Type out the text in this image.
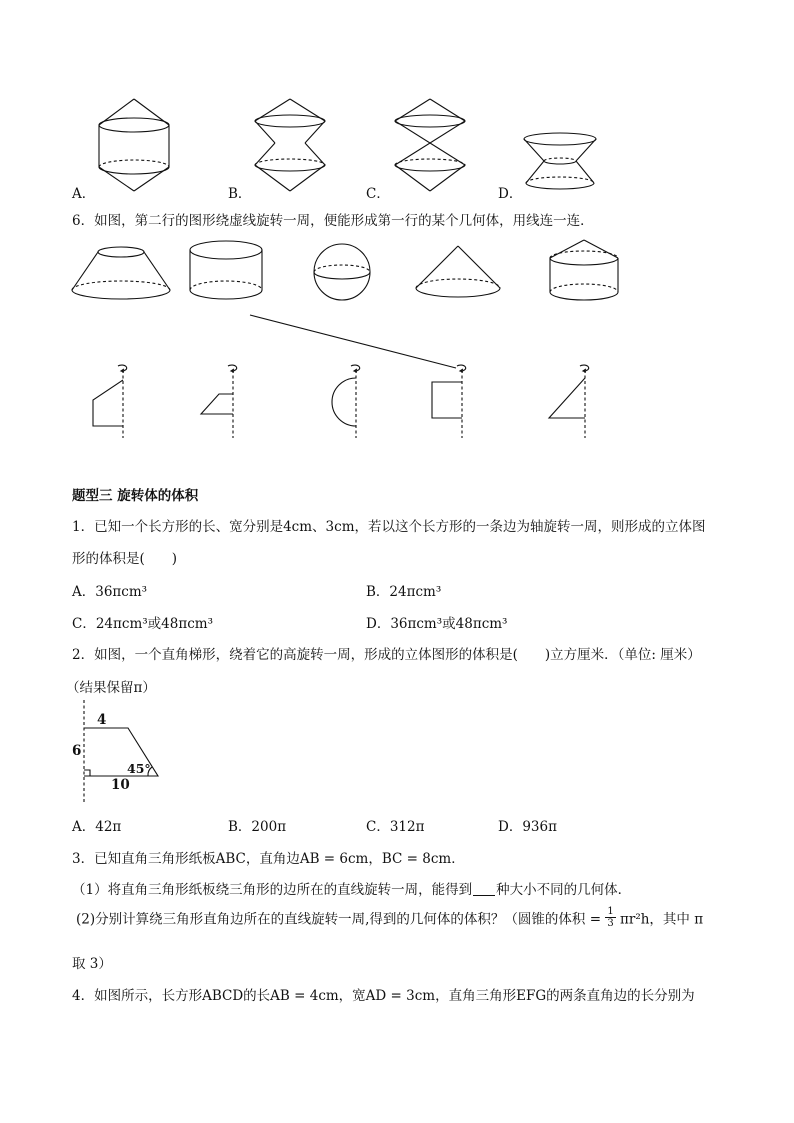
A．	B．	C．	D．
6．如图，第二行的图形绕虚线旋转一周，便能形成第一行的某个几何体，用线连一连．
题型三 旋转体的体积
1．已知一个长方形的长、宽分别是4cm、3cm，若以这个长方形的一条边为轴旋转一周，则形成的立体图
形的体积是(　　)
A．36πcm³	B．24πcm³
C．24πcm³或48πcm³	D．36πcm³或48πcm³
2．如图，一个直角梯形，绕着它的高旋转一周，形成的立体图形的体积是(　　)立方厘米．（单位: 厘米）
（结果保留π）
4
6
45°
10
A．42π	B．200π	C．312π	D．936π
3．已知直角三角形纸板ABC，直角边AB = 6cm，BC = 8cm．
（1）将直角三角形纸板绕三角形的边所在的直线旋转一周，能得到 种大小不同的几何体．
(2)分别计算绕三角形直角边所在的直线旋转一周,得到的几何体的体积？（圆锥的体积 = $\frac{1}{3} \pi r^2h$，其中 π
取 3）
4．如图所示，长方形ABCD的长AB = 4cm，宽AD = 3cm，直角三角形EFG的两条直角边的长分别为
